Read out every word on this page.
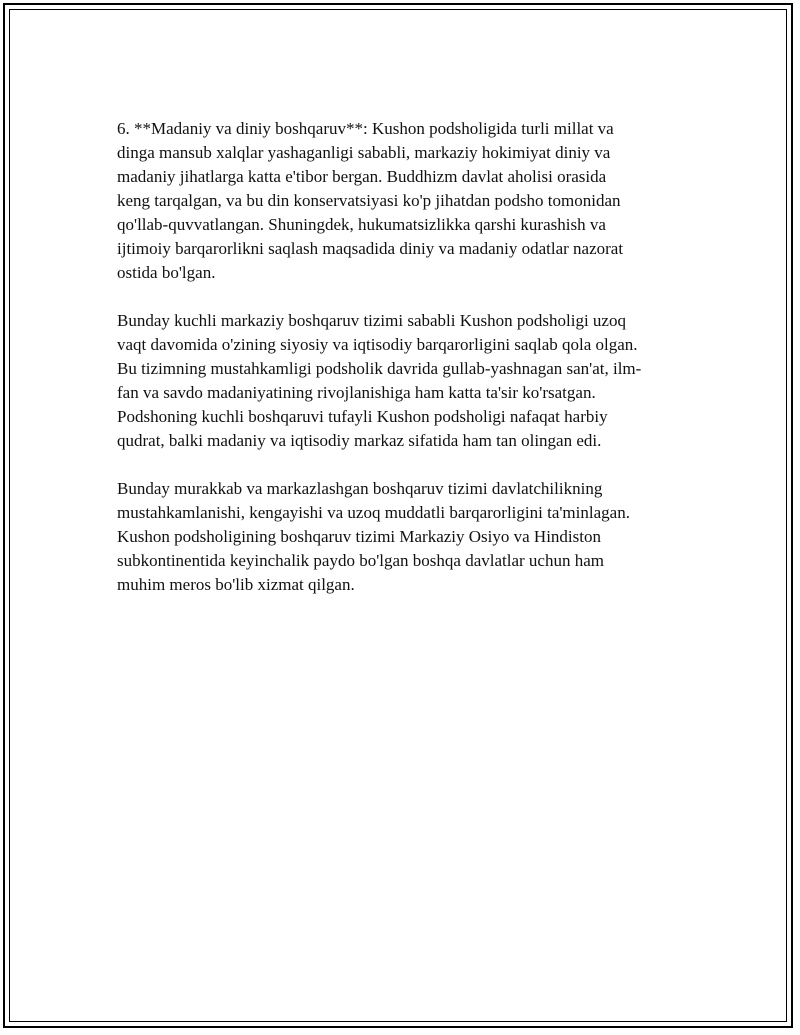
6. **Madaniy va diniy boshqaruv**: Kushon podsholigida turli millat va
dinga mansub xalqlar yashaganligi sababli, markaziy hokimiyat diniy va
madaniy jihatlarga katta e'tibor bergan. Buddhizm davlat aholisi orasida
keng tarqalgan, va bu din konservatsiyasi ko'p jihatdan podsho tomonidan
qo'llab-quvvatlangan. Shuningdek, hukumatsizlikka qarshi kurashish va
ijtimoiy barqarorlikni saqlash maqsadida diniy va madaniy odatlar nazorat
ostida bo'lgan.

Bunday kuchli markaziy boshqaruv tizimi sababli Kushon podsholigi uzoq
vaqt davomida o'zining siyosiy va iqtisodiy barqarorligini saqlab qola olgan.
Bu tizimning mustahkamligi podsholik davrida gullab-yashnagan san'at, ilm-
fan va savdo madaniyatining rivojlanishiga ham katta ta'sir ko'rsatgan.
Podshoning kuchli boshqaruvi tufayli Kushon podsholigi nafaqat harbiy
qudrat, balki madaniy va iqtisodiy markaz sifatida ham tan olingan edi.

Bunday murakkab va markazlashgan boshqaruv tizimi davlatchilikning
mustahkamlanishi, kengayishi va uzoq muddatli barqarorligini ta'minlagan.
Kushon podsholigining boshqaruv tizimi Markaziy Osiyo va Hindiston
subkontinentida keyinchalik paydo bo'lgan boshqa davlatlar uchun ham
muhim meros bo'lib xizmat qilgan.
